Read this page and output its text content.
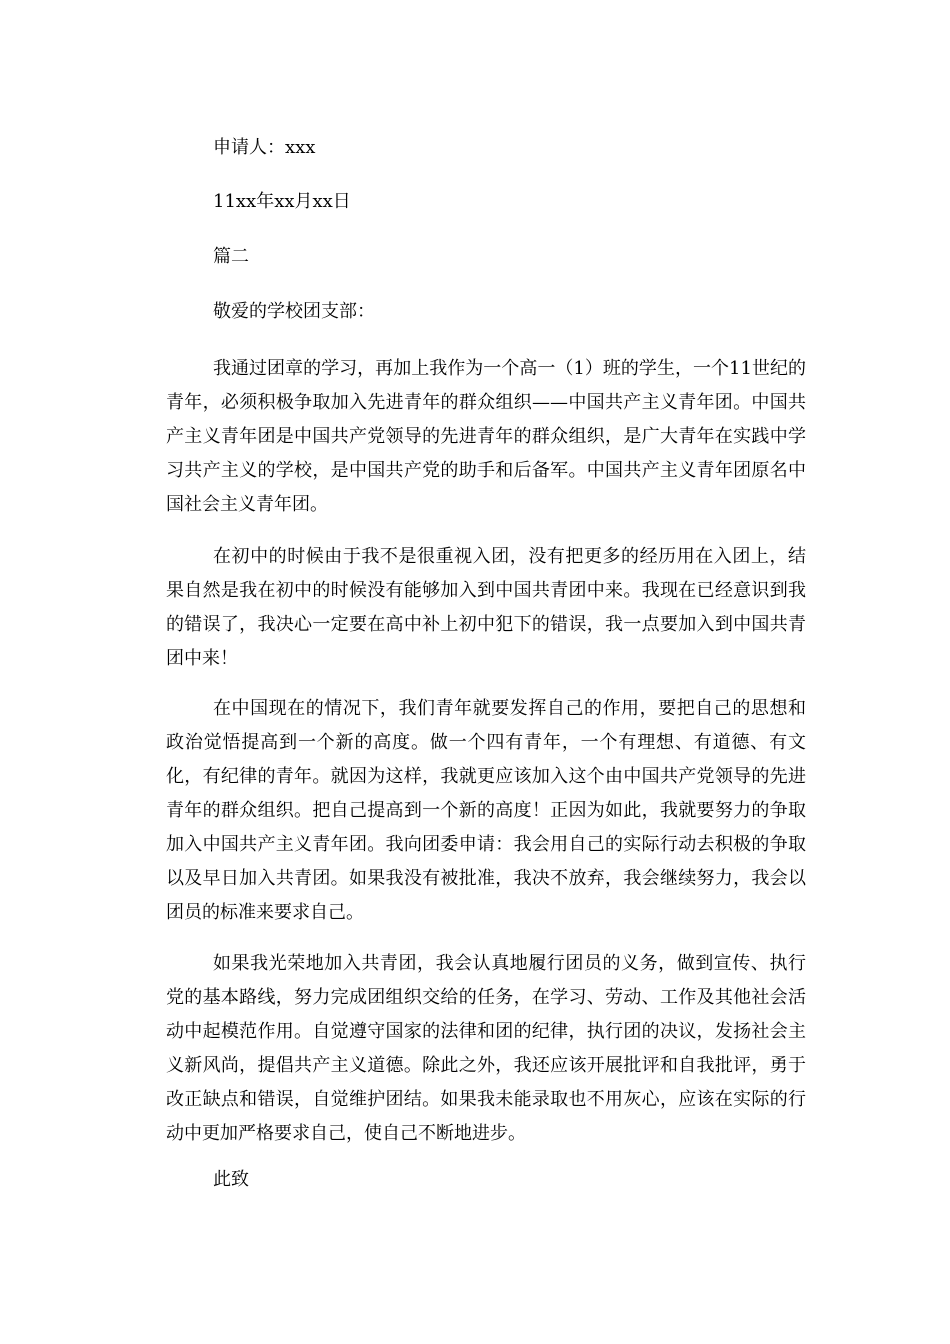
申请人：xxx
11xx年xx月xx日
篇二
敬爱的学校团支部：
我通过团章的学习，再加上我作为一个高一（1）班的学生，一个11世纪的青年，必须积极争取加入先进青年的群众组织——中国共产主义青年团。中国共产主义青年团是中国共产党领导的先进青年的群众组织，是广大青年在实践中学习共产主义的学校，是中国共产党的助手和后备军。中国共产主义青年团原名中国社会主义青年团。
在初中的时候由于我不是很重视入团，没有把更多的经历用在入团上，结果自然是我在初中的时候没有能够加入到中国共青团中来。我现在已经意识到我的错误了，我决心一定要在高中补上初中犯下的错误，我一点要加入到中国共青团中来！
在中国现在的情况下，我们青年就要发挥自己的作用，要把自己的思想和政治觉悟提高到一个新的高度。做一个四有青年，一个有理想、有道德、有文化，有纪律的青年。就因为这样，我就更应该加入这个由中国共产党领导的先进青年的群众组织。把自己提高到一个新的高度！正因为如此，我就要努力的争取加入中国共产主义青年团。我向团委申请：我会用自己的实际行动去积极的争取以及早日加入共青团。如果我没有被批准，我决不放弃，我会继续努力，我会以团员的标准来要求自己。
如果我光荣地加入共青团，我会认真地履行团员的义务，做到宣传、执行党的基本路线，努力完成团组织交给的任务，在学习、劳动、工作及其他社会活动中起模范作用。自觉遵守国家的法律和团的纪律，执行团的决议，发扬社会主义新风尚，提倡共产主义道德。除此之外，我还应该开展批评和自我批评，勇于改正缺点和错误，自觉维护团结。如果我未能录取也不用灰心，应该在实际的行动中更加严格要求自己，使自己不断地进步。
此致
